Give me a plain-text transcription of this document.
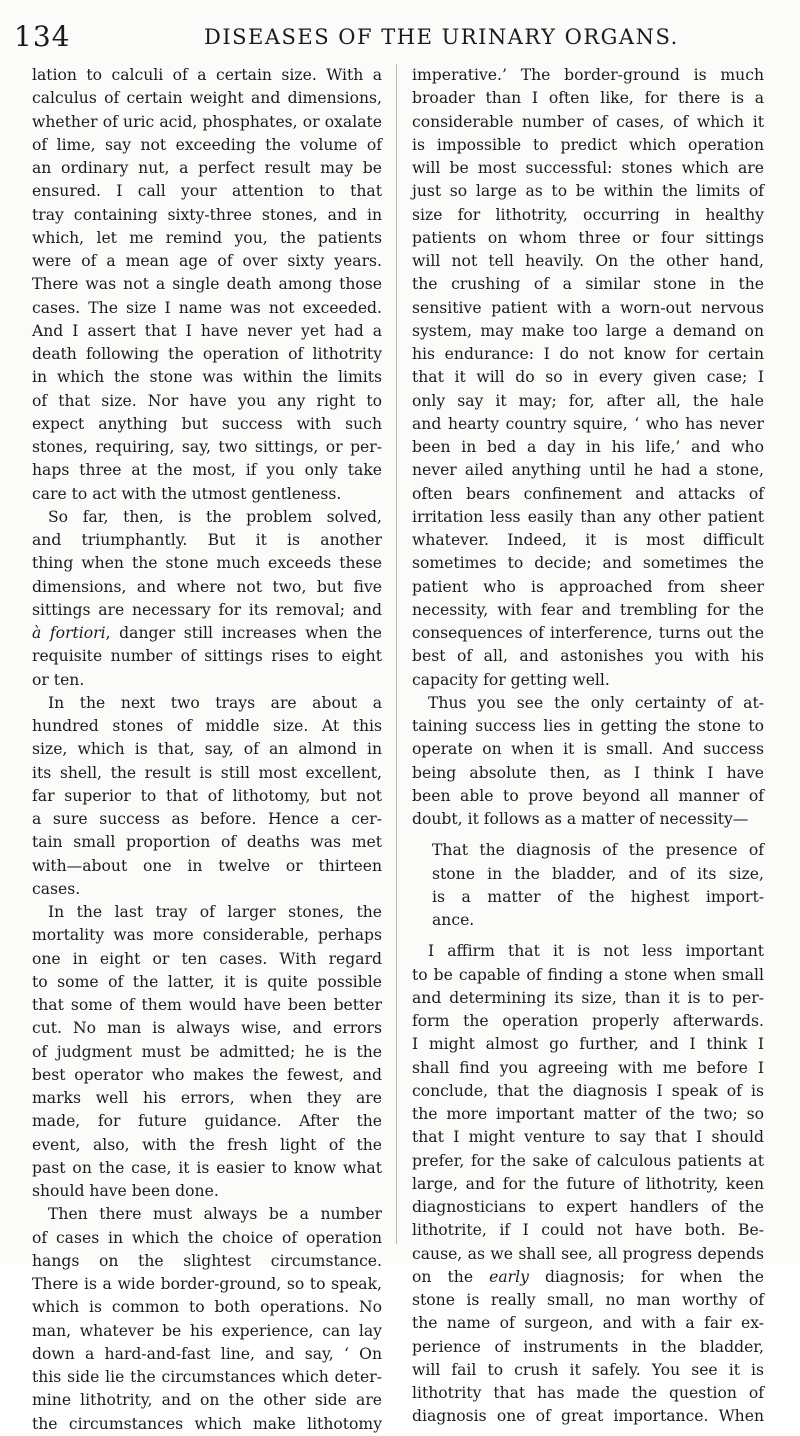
134	DISEASES OF THE URINARY ORGANS.
lation to calculi of a certain size. With a
calculus of certain weight and dimensions,
whether of uric acid, phosphates, or oxalate
of lime, say not exceeding the volume of
an ordinary nut, a perfect result may be
ensured. I call your attention to that
tray containing sixty-three stones, and in
which, let me remind you, the patients
were of a mean age of over sixty years.
There was not a single death among those
cases. The size I name was not exceeded.
And I assert that I have never yet had a
death following the operation of lithotrity
in which the stone was within the limits
of that size. Nor have you any right to
expect anything but success with such
stones, requiring, say, two sittings, or per-
haps three at the most, if you only take
care to act with the utmost gentleness.
So far, then, is the problem solved,
and triumphantly. But it is another
thing when the stone much exceeds these
dimensions, and where not two, but five
sittings are necessary for its removal; and
à fortiori, danger still increases when the
requisite number of sittings rises to eight
or ten.
In the next two trays are about a
hundred stones of middle size. At this
size, which is that, say, of an almond in
its shell, the result is still most excellent,
far superior to that of lithotomy, but not
a sure success as before. Hence a cer-
tain small proportion of deaths was met
with—about one in twelve or thirteen
cases.
In the last tray of larger stones, the
mortality was more considerable, perhaps
one in eight or ten cases. With regard
to some of the latter, it is quite possible
that some of them would have been better
cut. No man is always wise, and errors
of judgment must be admitted; he is the
best operator who makes the fewest, and
marks well his errors, when they are
made, for future guidance. After the
event, also, with the fresh light of the
past on the case, it is easier to know what
should have been done.
Then there must always be a number
of cases in which the choice of operation
hangs on the slightest circumstance.
There is a wide border-ground, so to speak,
which is common to both operations. No
man, whatever be his experience, can lay
down a hard-and-fast line, and say, ‘ On
this side lie the circumstances which deter-
mine lithotrity, and on the other side are
the circumstances which make lithotomy
imperative.’ The border-ground is much
broader than I often like, for there is a
considerable number of cases, of which it
is impossible to predict which operation
will be most successful: stones which are
just so large as to be within the limits of
size for lithotrity, occurring in healthy
patients on whom three or four sittings
will not tell heavily. On the other hand,
the crushing of a similar stone in the
sensitive patient with a worn-out nervous
system, may make too large a demand on
his endurance: I do not know for certain
that it will do so in every given case; I
only say it may; for, after all, the hale
and hearty country squire, ‘ who has never
been in bed a day in his life,’ and who
never ailed anything until he had a stone,
often bears confinement and attacks of
irritation less easily than any other patient
whatever. Indeed, it is most difficult
sometimes to decide; and sometimes the
patient who is approached from sheer
necessity, with fear and trembling for the
consequences of interference, turns out the
best of all, and astonishes you with his
capacity for getting well.
Thus you see the only certainty of at-
taining success lies in getting the stone to
operate on when it is small. And success
being absolute then, as I think I have
been able to prove beyond all manner of
doubt, it follows as a matter of necessity—
That the diagnosis of the presence of
stone in the bladder, and of its size,
is a matter of the highest import-
ance.
I affirm that it is not less important
to be capable of finding a stone when small
and determining its size, than it is to per-
form the operation properly afterwards.
I might almost go further, and I think I
shall find you agreeing with me before I
conclude, that the diagnosis I speak of is
the more important matter of the two; so
that I might venture to say that I should
prefer, for the sake of calculous patients at
large, and for the future of lithotrity, keen
diagnosticians to expert handlers of the
lithotrite, if I could not have both. Be-
cause, as we shall see, all progress depends
on the early diagnosis; for when the
stone is really small, no man worthy of
the name of surgeon, and with a fair ex-
perience of instruments in the bladder,
will fail to crush it safely. You see it is
lithotrity that has made the question of
diagnosis one of great importance. When
